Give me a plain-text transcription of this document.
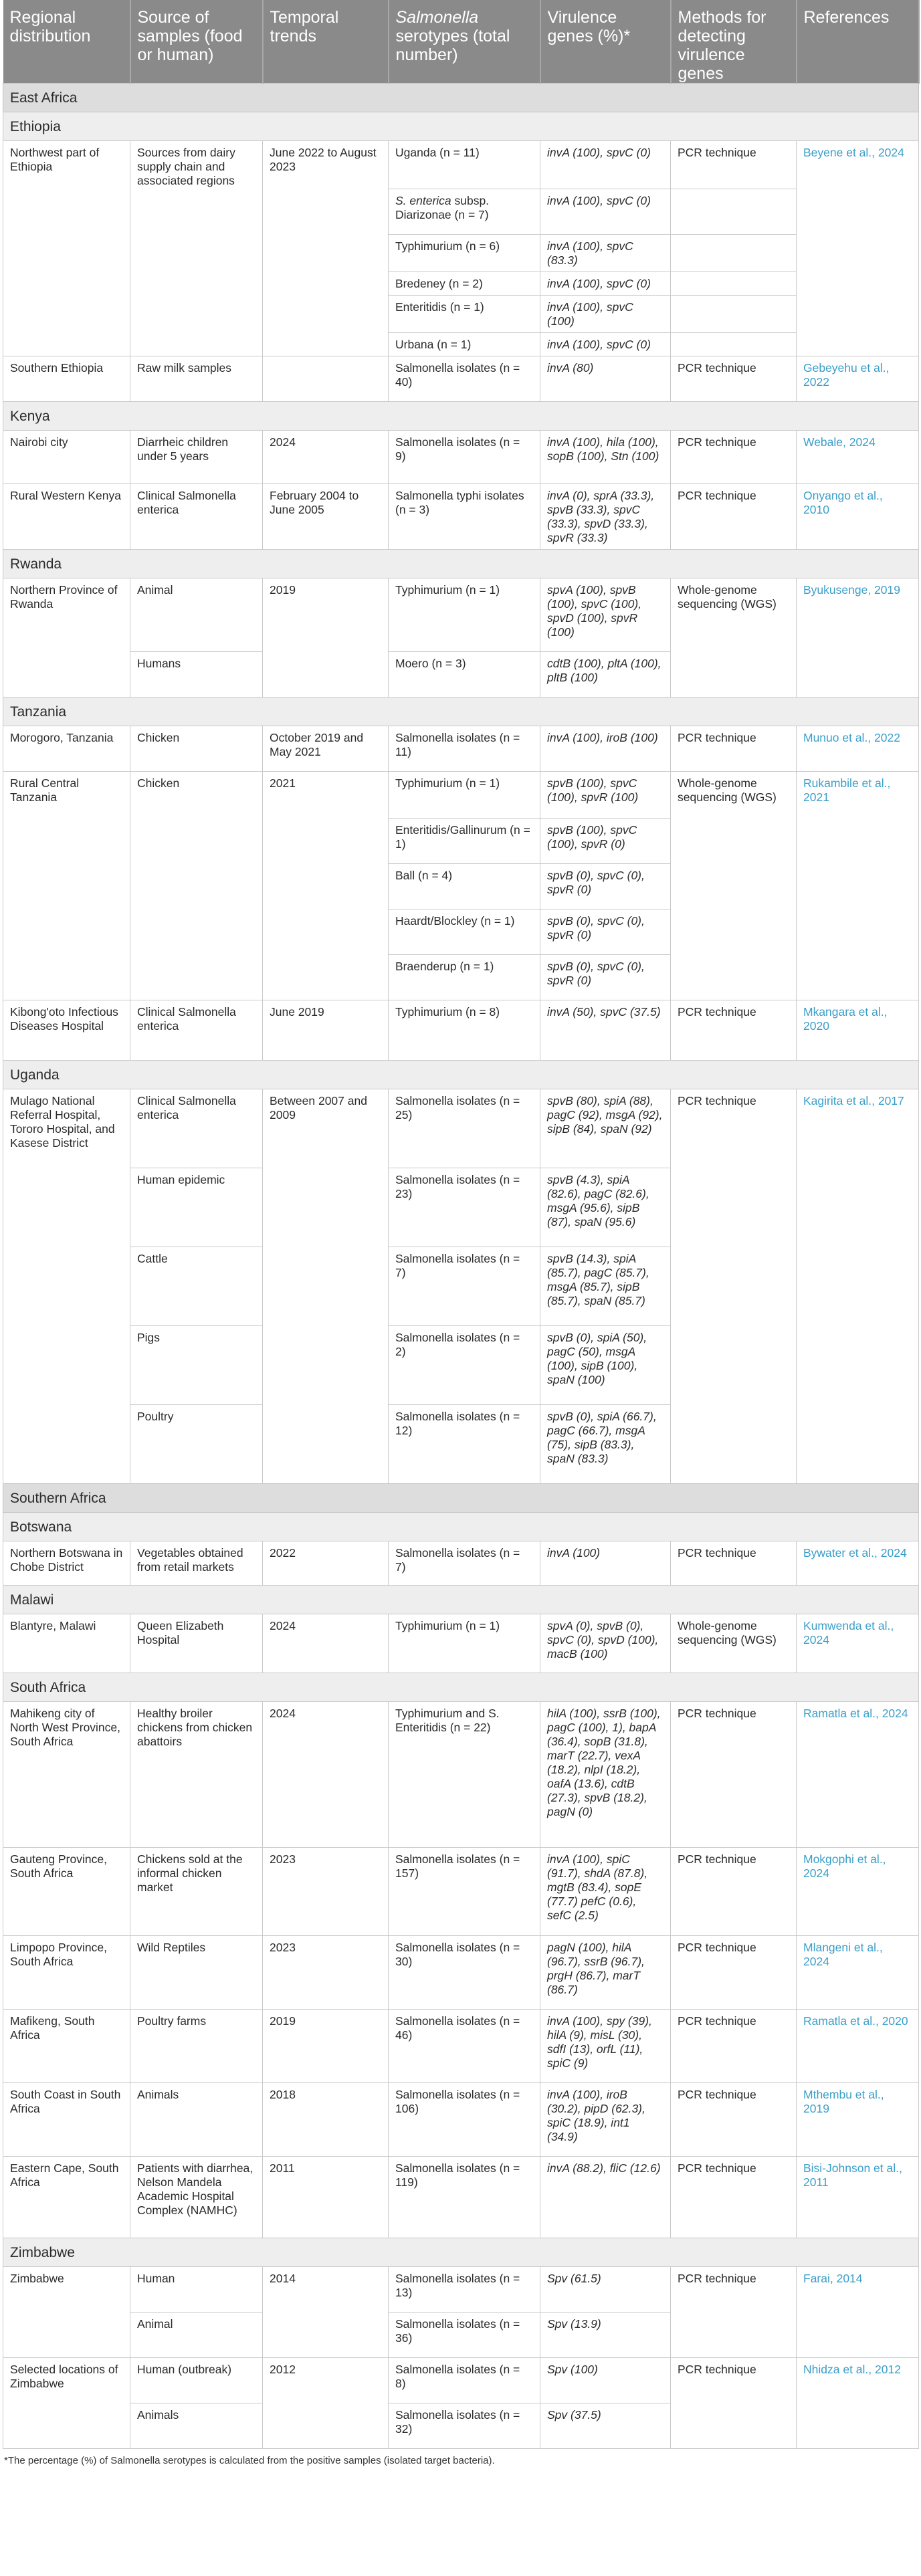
Regional distribution	Source of samples (food or human)	Temporal trends	Salmonella serotypes (total number)	Virulence genes (%)*	Methods for detecting virulence genes	References
East Africa						
Ethiopia						
Northwest part of Ethiopia	Sources from dairy supply chain and associated regions	June 2022 to August 2023	Uganda (n = 11)	invA (100), spvC (0)	PCR technique	Beyene et al., 2024
			S. enterica subsp. Diarizonae (n = 7)	invA (100), spvC (0)		
			Typhimurium (n = 6)	invA (100), spvC (83.3)		
			Bredeney (n = 2)	invA (100), spvC (0)		
			Enteritidis (n = 1)	invA (100), spvC (100)		
			Urbana (n = 1)	invA (100), spvC (0)		
Southern Ethiopia	Raw milk samples		Salmonella isolates (n = 40)	invA (80)	PCR technique	Gebeyehu et al., 2022
Kenya						
Nairobi city	Diarrheic children under 5 years	2024	Salmonella isolates (n = 9)	invA (100), hila (100), sopB (100), Stn (100)	PCR technique	Webale, 2024
Rural Western Kenya	Clinical Salmonella enterica	February 2004 to June 2005	Salmonella typhi isolates (n = 3)	invA (0), sprA (33.3), spvB (33.3), spvC (33.3), spvD (33.3), spvR (33.3)	PCR technique	Onyango et al., 2010
Rwanda						
Northern Province of Rwanda	Animal	2019	Typhimurium (n = 1)	spvA (100), spvB (100), spvC (100), spvD (100), spvR (100)	Whole-genome sequencing (WGS)	Byukusenge, 2019
	Humans		Moero (n = 3)	cdtB (100), pltA (100), pltB (100)		
Tanzania						
Morogoro, Tanzania	Chicken	October 2019 and May 2021	Salmonella isolates (n = 11)	invA (100), iroB (100)	PCR technique	Munuo et al., 2022
Rural Central Tanzania	Chicken	2021	Typhimurium (n = 1)	spvB (100), spvC (100), spvR (100)	Whole-genome sequencing (WGS)	Rukambile et al., 2021
			Enteritidis/Gallinurum (n = 1)	spvB (100), spvC (100), spvR (0)		
			Ball (n = 4)	spvB (0), spvC (0), spvR (0)		
			Haardt/Blockley (n = 1)	spvB (0), spvC (0), spvR (0)		
			Braenderup (n = 1)	spvB (0), spvC (0), spvR (0)		
Kibong'oto Infectious Diseases Hospital	Clinical Salmonella enterica	June 2019	Typhimurium (n = 8)	invA (50), spvC (37.5)	PCR technique	Mkangara et al., 2020
Uganda						
Mulago National Referral Hospital, Tororo Hospital, and Kasese District	Clinical Salmonella enterica	Between 2007 and 2009	Salmonella isolates (n = 25)	spvB (80), spiA (88), pagC (92), msgA (92), sipB (84), spaN (92)	PCR technique	Kagirita et al., 2017
	Human epidemic		Salmonella isolates (n = 23)	spvB (4.3), spiA (82.6), pagC (82.6), msgA (95.6), sipB (87), spaN (95.6)		
	Cattle		Salmonella isolates (n = 7)	spvB (14.3), spiA (85.7), pagC (85.7), msgA (85.7), sipB (85.7), spaN (85.7)		
	Pigs		Salmonella isolates (n = 2)	spvB (0), spiA (50), pagC (50), msgA (100), sipB (100), spaN (100)		
	Poultry		Salmonella isolates (n = 12)	spvB (0), spiA (66.7), pagC (66.7), msgA (75), sipB (83.3), spaN (83.3)		
Southern Africa						
Botswana						
Northern Botswana in Chobe District	Vegetables obtained from retail markets	2022	Salmonella isolates (n = 7)	invA (100)	PCR technique	Bywater et al., 2024
Malawi						
Blantyre, Malawi	Queen Elizabeth Hospital	2024	Typhimurium (n = 1)	spvA (0), spvB (0), spvC (0), spvD (100), macB (100)	Whole-genome sequencing (WGS)	Kumwenda et al., 2024
South Africa						
Mahikeng city of North West Province, South Africa	Healthy broiler chickens from chicken abattoirs	2024	Typhimurium and S. Enteritidis (n = 22)	hilA (100), ssrB (100), pagC (100), 1), bapA (36.4), sopB (31.8), marT (22.7), vexA (18.2), nlpI (18.2), oafA (13.6), cdtB (27.3), spvB (18.2), pagN (0)	PCR technique	Ramatla et al., 2024
Gauteng Province, South Africa	Chickens sold at the informal chicken market	2023	Salmonella isolates (n = 157)	invA (100), spiC (91.7), shdA (87.8), mgtB (83.4), sopE (77.7) pefC (0.6), sefC (2.5)	PCR technique	Mokgophi et al., 2024
Limpopo Province, South Africa	Wild Reptiles	2023	Salmonella isolates (n = 30)	pagN (100), hilA (96.7), ssrB (96.7), prgH (86.7), marT (86.7)	PCR technique	Mlangeni et al., 2024
Mafikeng, South Africa	Poultry farms	2019	Salmonella isolates (n = 46)	invA (100), spy (39), hilA (9), misL (30), sdfI (13), orfL (11), spiC (9)	PCR technique	Ramatla et al., 2020
South Coast in South Africa	Animals	2018	Salmonella isolates (n = 106)	invA (100), iroB (30.2), pipD (62.3), spiC (18.9), int1 (34.9)	PCR technique	Mthembu et al., 2019
Eastern Cape, South Africa	Patients with diarrhea, Nelson Mandela Academic Hospital Complex (NAMHC)	2011	Salmonella isolates (n = 119)	invA (88.2), fliC (12.6)	PCR technique	Bisi-Johnson et al., 2011
Zimbabwe						
Zimbabwe	Human	2014	Salmonella isolates (n = 13)	Spv (61.5)	PCR technique	Farai, 2014
	Animal		Salmonella isolates (n = 36)	Spv (13.9)		
Selected locations of Zimbabwe	Human (outbreak)	2012	Salmonella isolates (n = 8)	Spv (100)	PCR technique	Nhidza et al., 2012
	Animals		Salmonella isolates (n = 32)	Spv (37.5)		
*The percentage (%) of Salmonella serotypes is calculated from the positive samples (isolated target bacteria).
